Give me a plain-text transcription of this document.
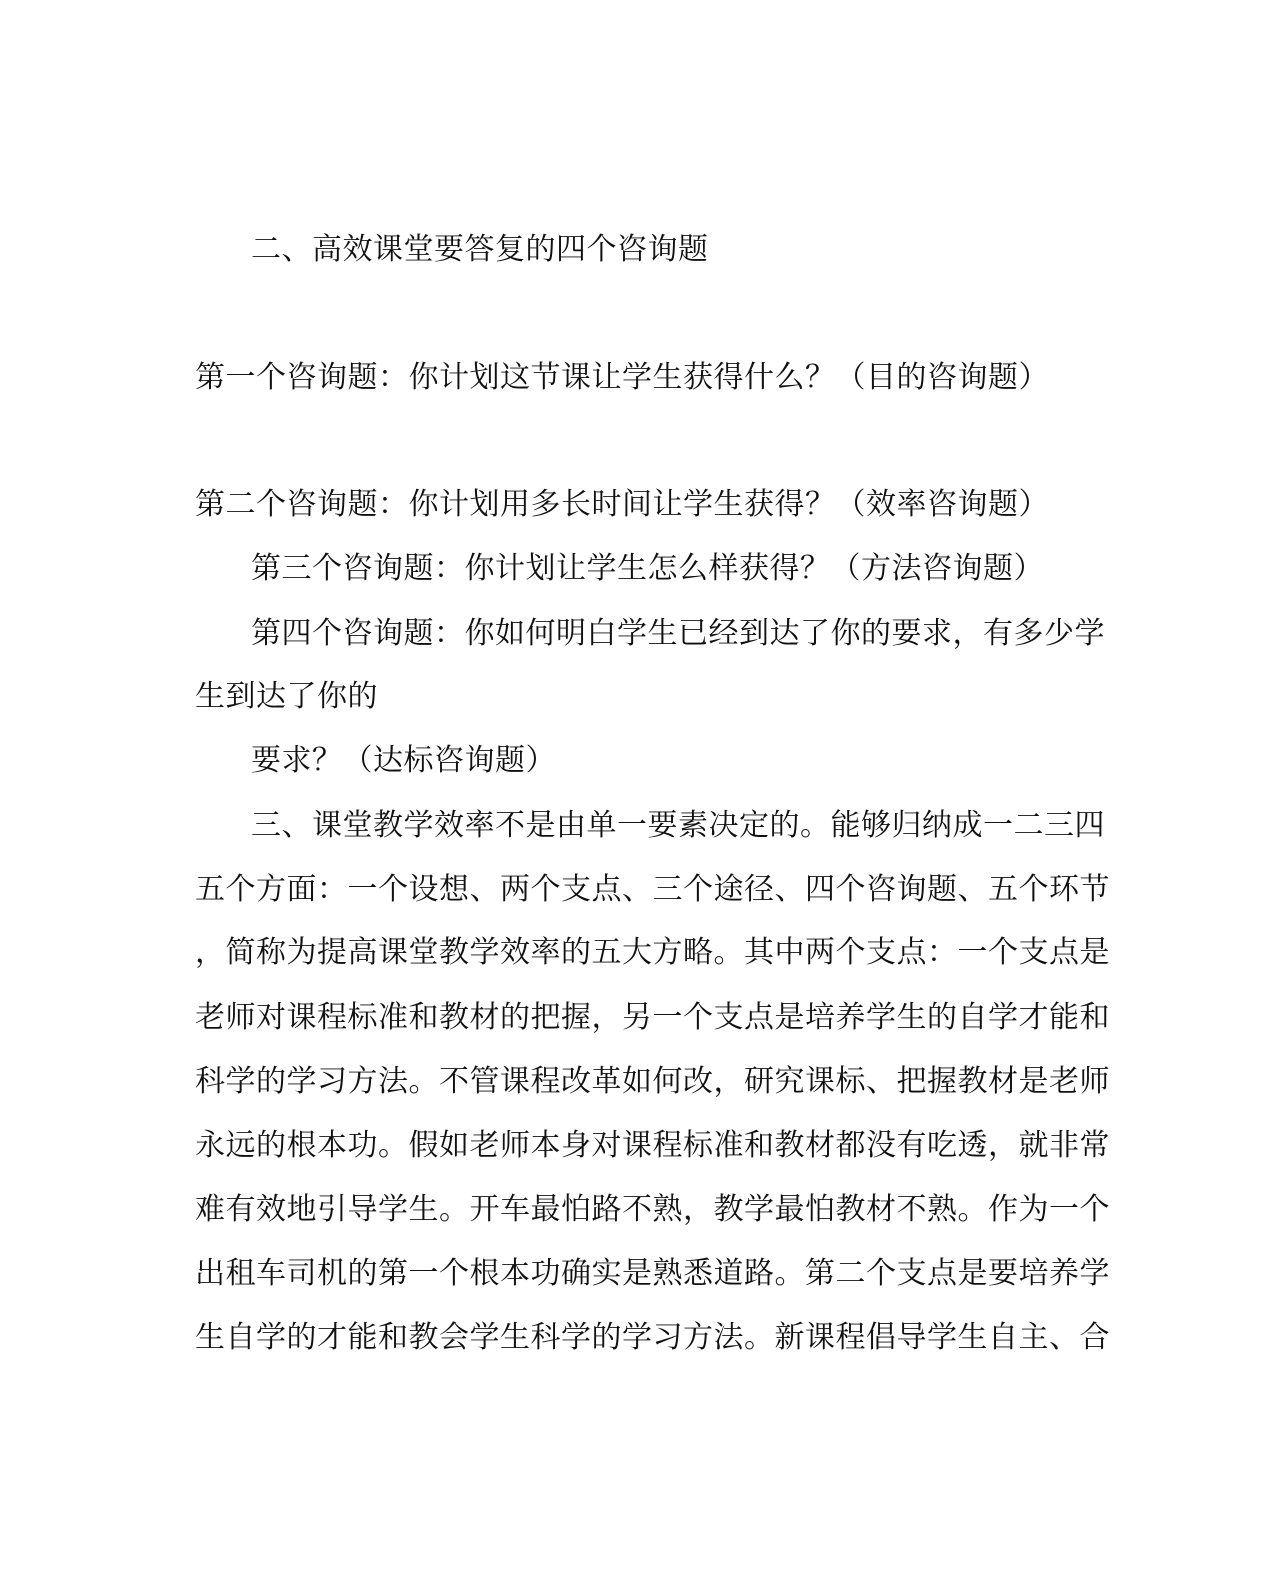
二、高效课堂要答复的四个咨询题
第一个咨询题：你计划这节课让学生获得什么？（目的咨询题）
第二个咨询题：你计划用多长时间让学生获得？（效率咨询题）
第三个咨询题：你计划让学生怎么样获得？（方法咨询题）
第四个咨询题：你如何明白学生已经到达了你的要求，有多少学
生到达了你的
要求？（达标咨询题）
三、课堂教学效率不是由单一要素决定的。能够归纳成一二三四
五个方面：一个设想、两个支点、三个途径、四个咨询题、五个环节
，简称为提高课堂教学效率的五大方略。其中两个支点：一个支点是
老师对课程标准和教材的把握，另一个支点是培养学生的自学才能和
科学的学习方法。不管课程改革如何改，研究课标、把握教材是老师
永远的根本功。假如老师本身对课程标准和教材都没有吃透，就非常
难有效地引导学生。开车最怕路不熟，教学最怕教材不熟。作为一个
出租车司机的第一个根本功确实是熟悉道路。第二个支点是要培养学
生自学的才能和教会学生科学的学习方法。新课程倡导学生自主、合
